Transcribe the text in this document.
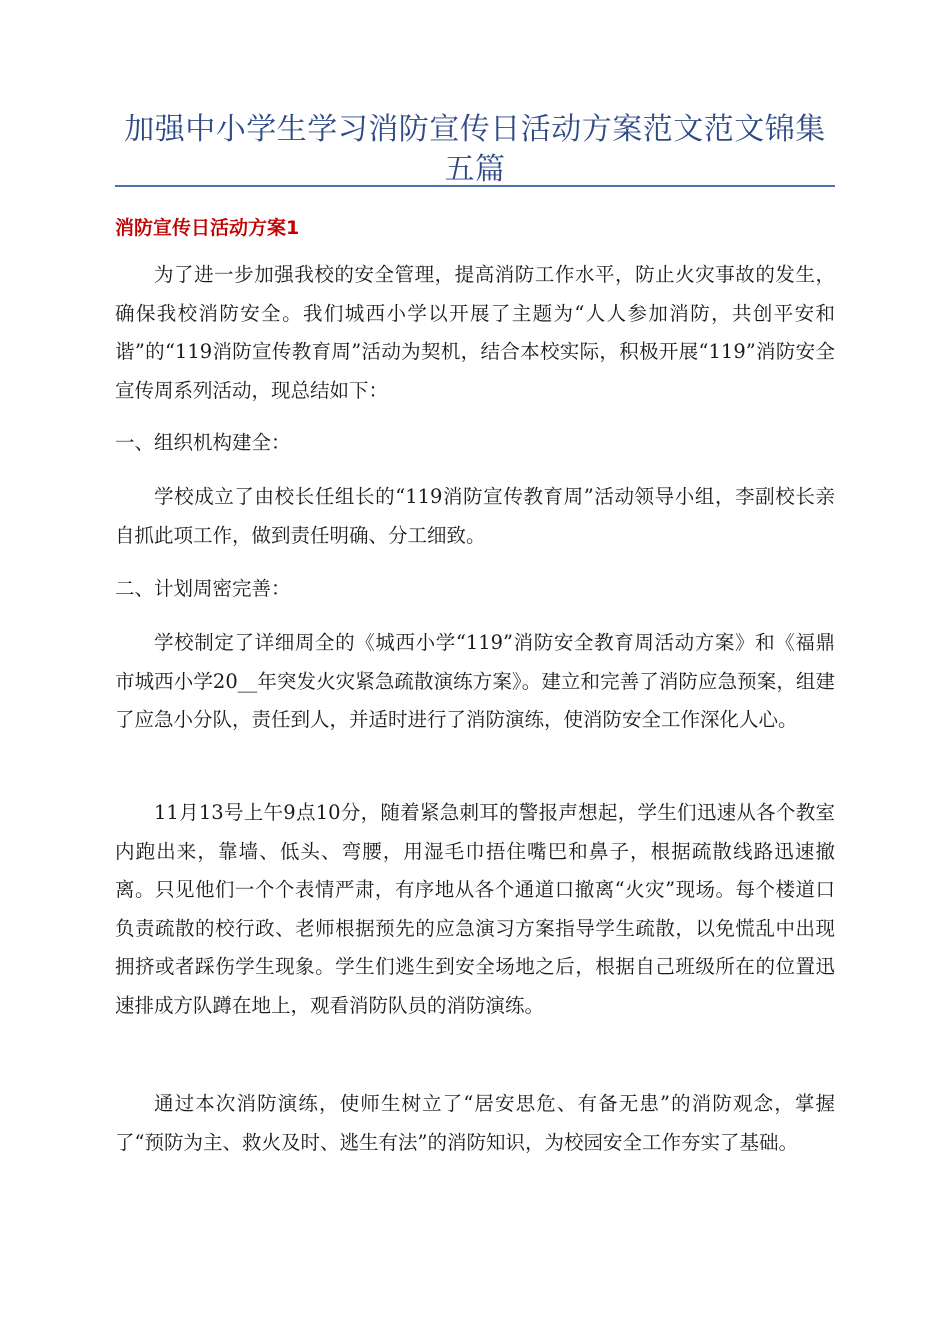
加强中小学生学习消防宣传日活动方案范文范文锦集五篇
消防宣传日活动方案1
为了进一步加强我校的安全管理，提高消防工作水平，防止火灾事故的发生，确保我校消防安全。我们城西小学以开展了主题为“人人参加消防，共创平安和谐”的“119消防宣传教育周”活动为契机，结合本校实际，积极开展“119”消防安全宣传周系列活动，现总结如下：
一、组织机构建全：
学校成立了由校长任组长的“119消防宣传教育周”活动领导小组，李副校长亲自抓此项工作，做到责任明确、分工细致。
二、计划周密完善：
学校制定了详细周全的《城西小学“119”消防安全教育周活动方案》和《福鼎市城西小学20__年突发火灾紧急疏散演练方案》。建立和完善了消防应急预案，组建了应急小分队，责任到人，并适时进行了消防演练，使消防安全工作深化人心。
11月13号上午9点10分，随着紧急刺耳的警报声想起，学生们迅速从各个教室内跑出来，靠墙、低头、弯腰，用湿毛巾捂住嘴巴和鼻子，根据疏散线路迅速撤离。只见他们一个个表情严肃，有序地从各个通道口撤离“火灾”现场。每个楼道口负责疏散的校行政、老师根据预先的应急演习方案指导学生疏散，以免慌乱中出现拥挤或者踩伤学生现象。学生们逃生到安全场地之后，根据自己班级所在的位置迅速排成方队蹲在地上，观看消防队员的消防演练。
通过本次消防演练，使师生树立了“居安思危、有备无患”的消防观念，掌握了“预防为主、救火及时、逃生有法”的消防知识，为校园安全工作夯实了基础。
